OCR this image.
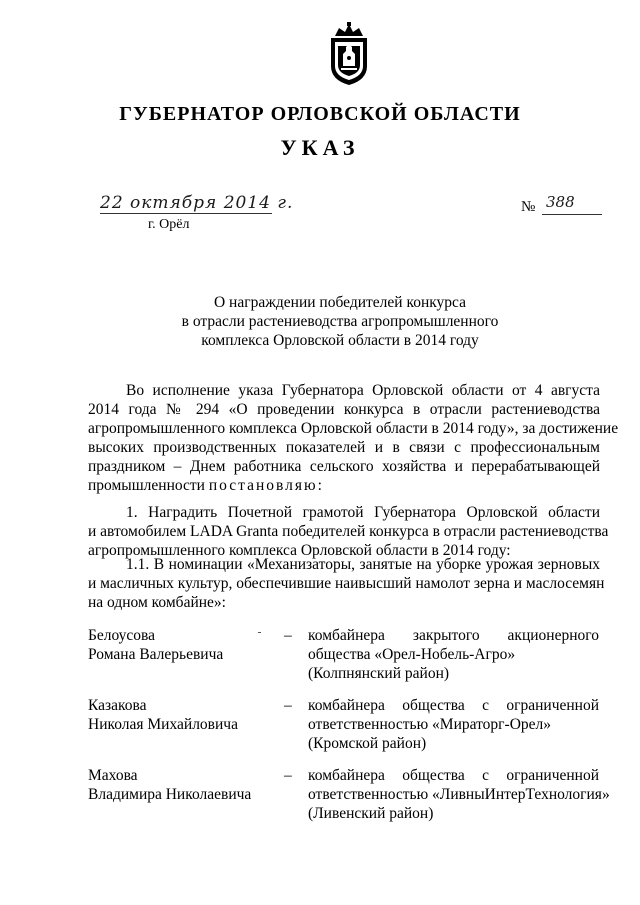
ГУБЕРНАТОР ОРЛОВСКОЙ ОБЛАСТИ
УКАЗ
22 октября 2014 г.
г. Орёл
№ 388
О награждении победителей конкурса
в отрасли растениеводства агропромышленного
комплекса Орловской области в 2014 году
Во исполнение указа Губернатора Орловской области от 4 августа
2014 года № 294 «О проведении конкурса в отрасли растениеводства
агропромышленного комплекса Орловской области в 2014 году», за достижение
высоких производственных показателей и в связи с профессиональным
праздником – Днем работника сельского хозяйства и перерабатывающей
промышленности постановляю:
1. Наградить Почетной грамотой Губернатора Орловской области
и автомобилем LADA Granta победителей конкурса в отрасли растениеводства
агропромышленного комплекса Орловской области в 2014 году:
1.1. В номинации «Механизаторы, занятые на уборке урожая зерновых
и масличных культур, обеспечившие наивысший намолот зерна и маслосемян
на одном комбайне»:
Белоусова
Романа Валерьевича
– комбайнера закрытого акционерного
общества «Орел-Нобель-Агро»
(Колпнянский район)
Казакова
Николая Михайловича
– комбайнера общества с ограниченной
ответственностью «Мираторг-Орел»
(Кромской район)
Махова
Владимира Николаевича
– комбайнера общества с ограниченной
ответственностью «ЛивныИнтерТехнология»
(Ливенский район)
